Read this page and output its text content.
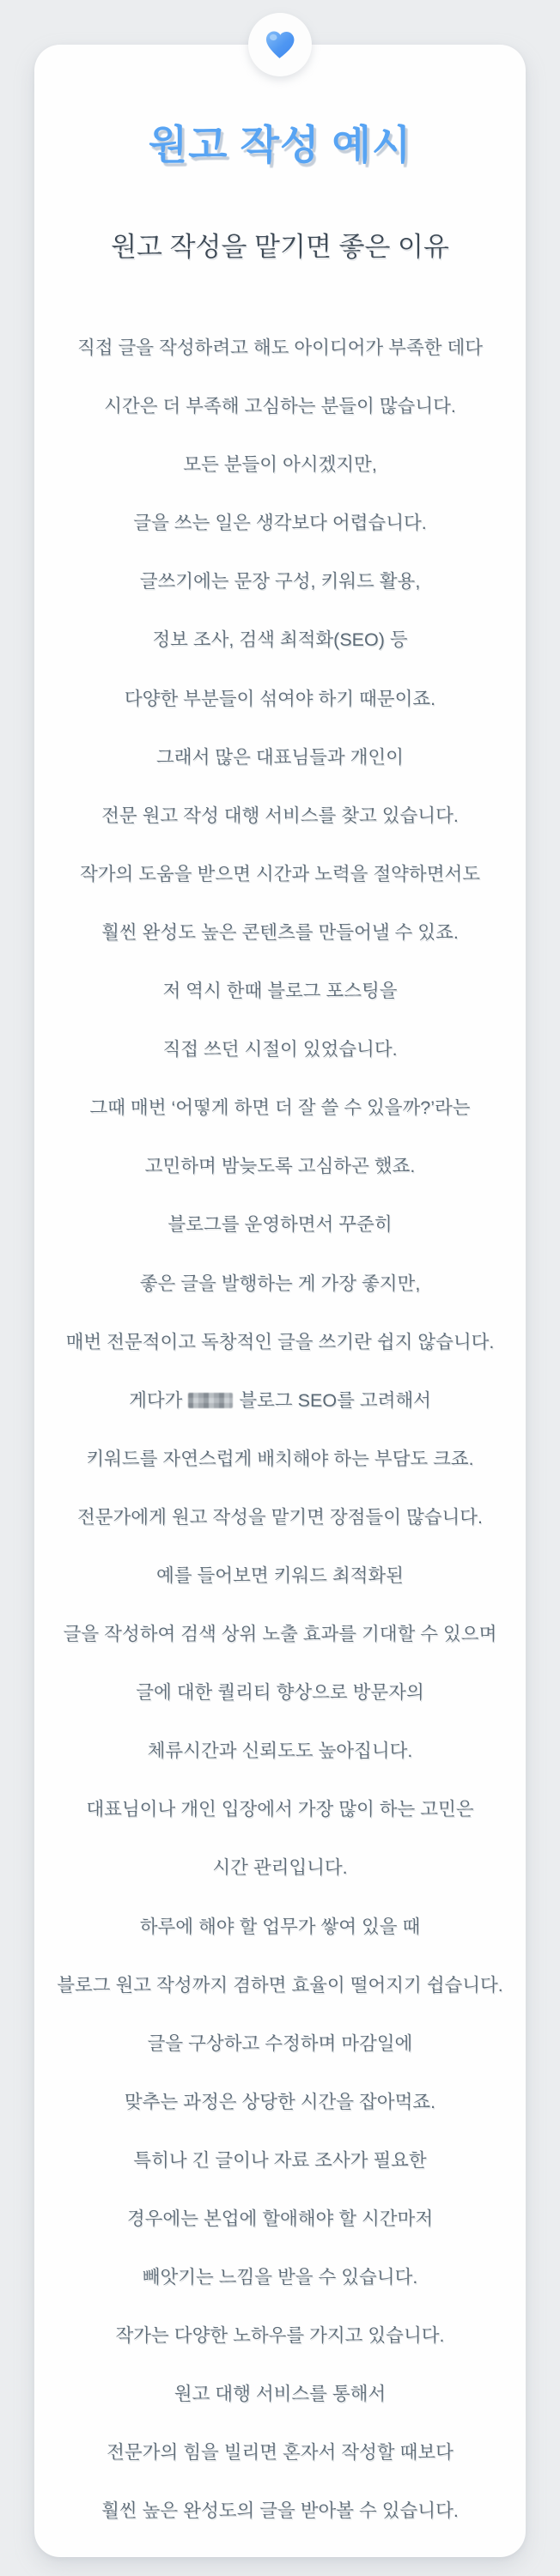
원고 작성 예시
원고 작성을 맡기면 좋은 이유

직접 글을 작성하려고 해도 아이디어가 부족한 데다

시간은 더 부족해 고심하는 분들이 많습니다.

모든 분들이 아시겠지만,

글을 쓰는 일은 생각보다 어렵습니다.

글쓰기에는 문장 구성, 키워드 활용,

정보 조사, 검색 최적화(SEO) 등

다양한 부분들이 섞여야 하기 때문이죠.

그래서 많은 대표님들과 개인이

전문 원고 작성 대행 서비스를 찾고 있습니다.

작가의 도움을 받으면 시간과 노력을 절약하면서도

훨씬 완성도 높은 콘텐츠를 만들어낼 수 있죠.

저 역시 한때 블로그 포스팅을

직접 쓰던 시절이 있었습니다.

그때 매번 ‘어떻게 하면 더 잘 쓸 수 있을까?’라는

고민하며 밤늦도록 고심하곤 했죠.

블로그를 운영하면서 꾸준히

좋은 글을 발행하는 게 가장 좋지만,

매번 전문적이고 독창적인 글을 쓰기란 쉽지 않습니다.

게다가	블로그 SEO를 고려해서

키워드를 자연스럽게 배치해야 하는 부담도 크죠.

전문가에게 원고 작성을 맡기면 장점들이 많습니다.

예를 들어보면 키워드 최적화된

글을 작성하여 검색 상위 노출 효과를 기대할 수 있으며

글에 대한 퀄리티 향상으로 방문자의

체류시간과 신뢰도도 높아집니다.

대표님이나 개인 입장에서 가장 많이 하는 고민은

시간 관리입니다.

하루에 해야 할 업무가 쌓여 있을 때

블로그 원고 작성까지 겸하면 효율이 떨어지기 쉽습니다.

글을 구상하고 수정하며 마감일에

맞추는 과정은 상당한 시간을 잡아먹죠.

특히나 긴 글이나 자료 조사가 필요한

경우에는 본업에 할애해야 할 시간마저

빼앗기는 느낌을 받을 수 있습니다.

작가는 다양한 노하우를 가지고 있습니다.

원고 대행 서비스를 통해서

전문가의 힘을 빌리면 혼자서 작성할 때보다

훨씬 높은 완성도의 글을 받아볼 수 있습니다.
